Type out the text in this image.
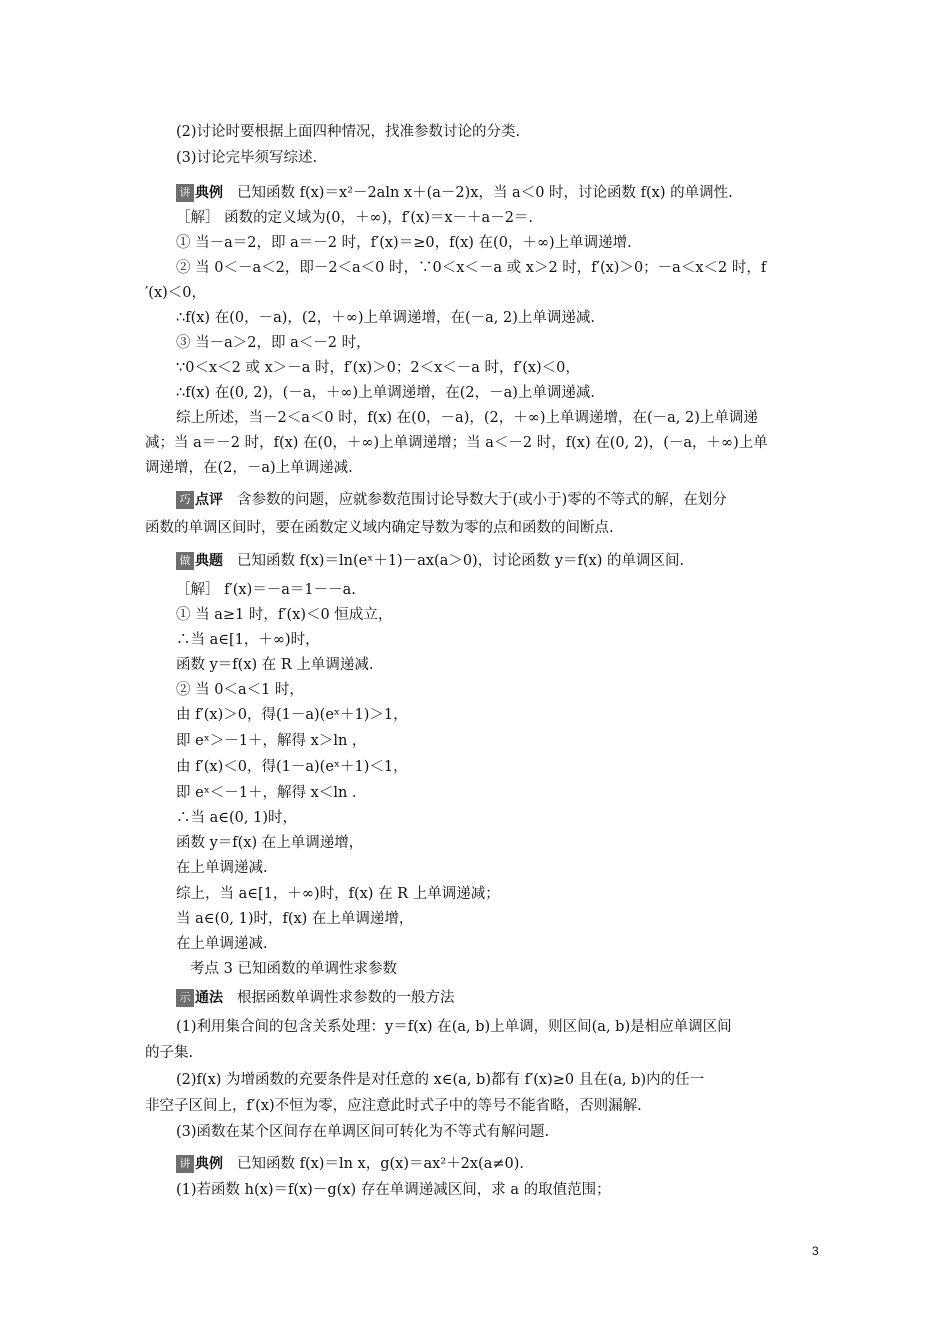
(2)讨论时要根据上面四种情况，找准参数讨论的分类.
(3)讨论完毕须写综述.
讲 典例 已知函数 f(x)＝x²－2aln x＋(a－2)x，当 a＜0 时，讨论函数 f(x) 的单调性.
［解］ 函数的定义域为(0，＋∞)，f′(x)＝x－＋a－2＝.
① 当－a＝2，即 a＝－2 时，f′(x)＝≥0，f(x) 在(0，＋∞)上单调递增.
② 当 0＜－a＜2，即－2＜a＜0 时，∵0＜x＜－a 或 x＞2 时，f′(x)＞0；－a＜x＜2 时，f
′(x)＜0，
∴f(x) 在(0，－a)，(2，＋∞)上单调递增，在(－a, 2)上单调递减.
③ 当－a＞2，即 a＜－2 时，
∵0＜x＜2 或 x＞－a 时，f′(x)＞0；2＜x＜－a 时，f′(x)＜0，
∴f(x) 在(0, 2)，(－a，＋∞)上单调递增，在(2，－a)上单调递减.
综上所述，当－2＜a＜0 时，f(x) 在(0，－a)，(2，＋∞)上单调递增，在(－a, 2)上单调递
减；当 a＝－2 时，f(x) 在(0，＋∞)上单调递增；当 a＜－2 时，f(x) 在(0, 2)，(－a，＋∞)上单
调递增，在(2，－a)上单调递减.
巧 点评 含参数的问题，应就参数范围讨论导数大于(或小于)零的不等式的解，在划分
函数的单调区间时，要在函数定义域内确定导数为零的点和函数的间断点.
做 典题 已知函数 f(x)＝ln(eˣ＋1)－ax(a＞0)，讨论函数 y＝f(x) 的单调区间.
［解］ f′(x)＝－a＝1－－a.
① 当 a≥1 时，f′(x)＜0 恒成立，
∴当 a∈[1，＋∞)时，
函数 y＝f(x) 在 R 上单调递减.
② 当 0＜a＜1 时，
由 f′(x)＞0，得(1－a)(eˣ＋1)＞1，
即 eˣ＞－1＋，解得 x＞ln ，
由 f′(x)＜0，得(1－a)(eˣ＋1)＜1，
即 eˣ＜－1＋，解得 x＜ln .
∴当 a∈(0, 1)时，
函数 y＝f(x) 在上单调递增，
在上单调递减.
综上，当 a∈[1，＋∞)时，f(x) 在 R 上单调递减；
当 a∈(0, 1)时，f(x) 在上单调递增，
在上单调递减.
考点 3 已知函数的单调性求参数
示 通法 根据函数单调性求参数的一般方法
(1)利用集合间的包含关系处理：y＝f(x) 在(a, b)上单调，则区间(a, b)是相应单调区间
的子集.
(2)f(x) 为增函数的充要条件是对任意的 x∈(a, b)都有 f′(x)≥0 且在(a, b)内的任一
非空子区间上，f′(x)不恒为零，应注意此时式子中的等号不能省略，否则漏解.
(3)函数在某个区间存在单调区间可转化为不等式有解问题.
讲 典例 已知函数 f(x)＝ln x，g(x)＝ax²＋2x(a≠0).
(1)若函数 h(x)＝f(x)－g(x) 存在单调递减区间，求 a 的取值范围；
3
